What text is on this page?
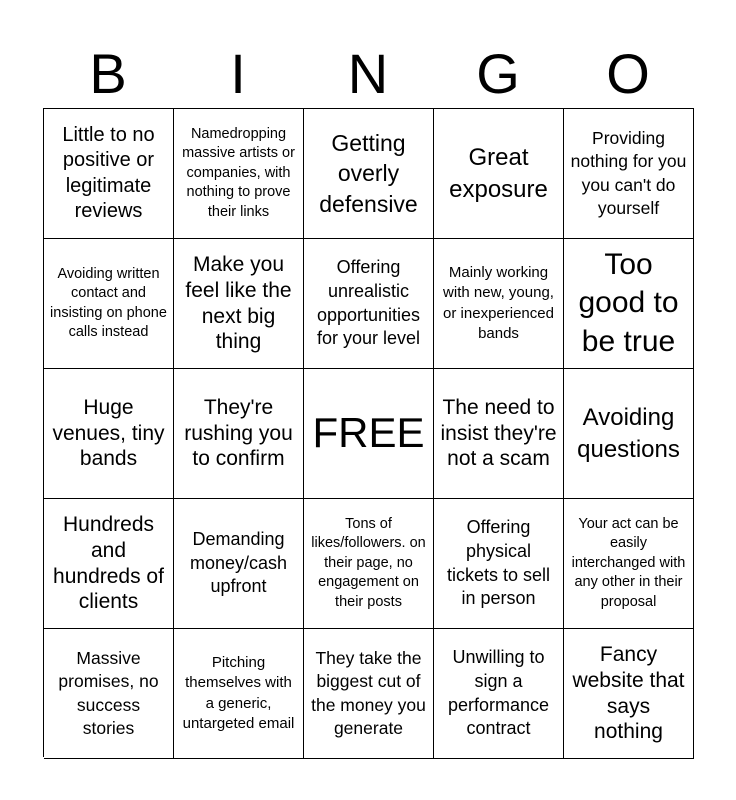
B	I	N	G	O
Little to no positive or legitimate reviews
Namedropping massive artists or companies, with nothing to prove their links
Getting overly defensive
Great exposure
Providing nothing for you you can't do yourself
Avoiding written contact and insisting on phone calls instead
Make you feel like the next big thing
Offering unrealistic opportunities for your level
Mainly working with new, young, or inexperienced bands
Too good to be true
Huge venues, tiny bands
They're rushing you to confirm
FREE
The need to insist they're not a scam
Avoiding questions
Hundreds and hundreds of clients
Demanding money/cash upfront
Tons of likes/followers. on their page, no engagement on their posts
Offering physical tickets to sell in person
Your act can be easily interchanged with any other in their proposal
Massive promises, no success stories
Pitching themselves with a generic, untargeted email
They take the biggest cut of the money you generate
Unwilling to sign a performance contract
Fancy website that says nothing
